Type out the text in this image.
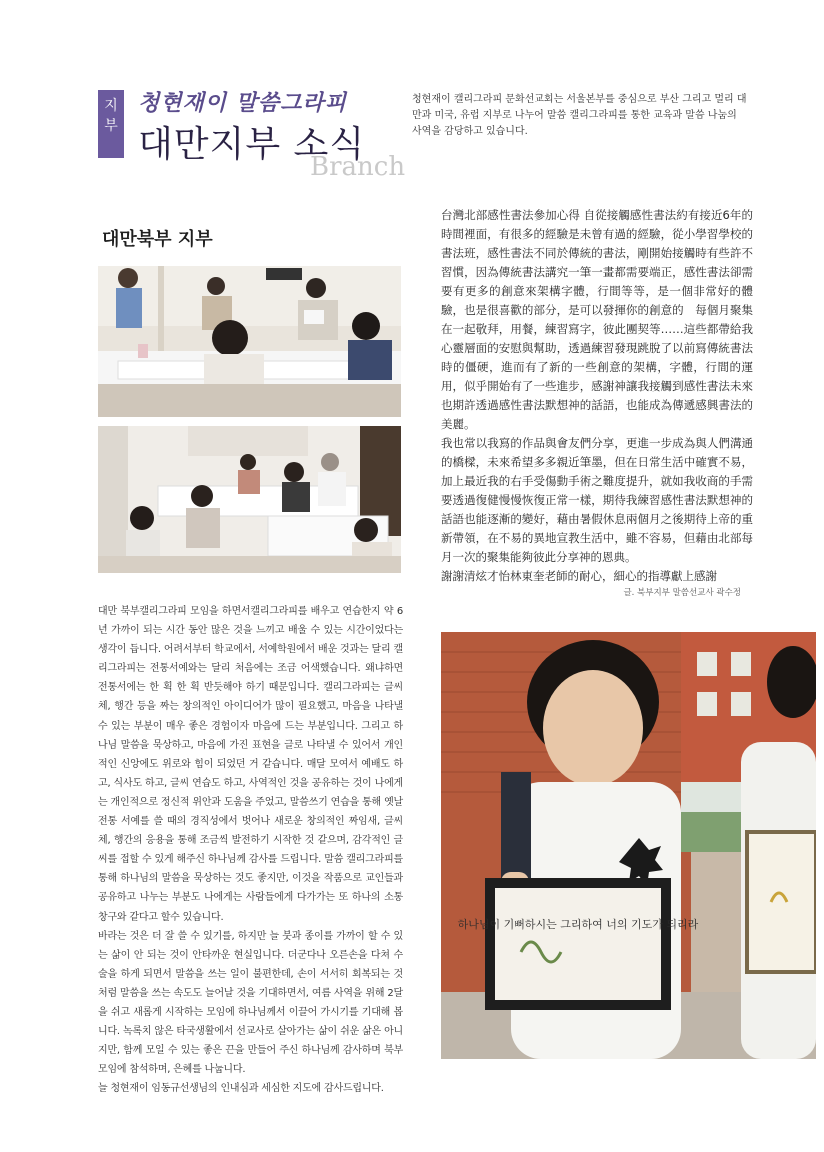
지
부
청현재이 말씀그라피
대만지부 소식
Branch
청현재이 캘리그라피 문화선교회는 서울본부를 중심으로 부산 그리고 멀리 대만과 미국, 유럽 지부로 나누어 말씀 캘리그라피를 통한 교육과 말씀 나눔의 사역을 감당하고 있습니다.
대만북부 지부

台灣北部感性書法參加心得 自從接觸感性書法約有接近6年的時間裡面，有很多的經驗是未曾有過的經驗，從小學習學校的書法班，感性書法不同於傳統的書法，剛開始接觸時有些許不習慣，因為傳統書法講究一筆一畫都需要端正，感性書法卻需要有更多的創意來架構字體，行間等等，是一個非常好的體驗，也是很喜歡的部分，是可以發揮你的創意的　每個月聚集在一起敬拜，用餐，練習寫字，彼此團契等……這些都帶給我心靈層面的安慰與幫助，透過練習發現跳脫了以前寫傳統書法時的僵硬，進而有了新的一些創意的架構，字體，行間的運用，似乎開始有了一些進步，感謝神讓我接觸到感性書法未來也期許透過感性書法默想神的話語，也能成為傳遞感興書法的美麗。

我也常以我寫的作品與會友們分享，更進一步成為與人們溝通的橋樑，未來希望多多親近筆墨，但在日常生活中確實不易，加上最近我的右手受傷動手術之難度提升，就如我收商的手需要透過復健慢慢恢復正常一樣，期待我練習感性書法默想神的話語也能逐漸的變好，藉由暑假休息兩個月之後期待上帝的重新帶領，在不易的異地宣教生活中，雖不容易，但藉由北部每月一次的聚集能夠彼此分享神的恩典。

謝謝清炫才怡林東奎老師的耐心，細心的指導獻上感謝

글. 북부지부 말씀선교사 곽수정

대만 북부캘리그라피 모임을 하면서캘리그라피를 배우고 연습한지 약 6년 가까이 되는 시간 동안 많은 것을 느끼고 배울 수 있는 시간이었다는 생각이 듭니다. 어려서부터 학교에서, 서예학원에서 배운 것과는 달리 캘리그라피는 전통서예와는 달리 처음에는 조금 어색했습니다. 왜냐하면 전통서에는 한 획 한 획 반듯해야 하기 때문입니다. 캘리그라피는 글씨체, 행간 등을 짜는 창의적인 아이디어가 많이 필요했고, 마음을 나타낼 수 있는 부분이 매우 좋은 경험이자 마음에 드는 부분입니다. 그리고 하나님 말씀을 묵상하고, 마음에 가진 표현을 글로 나타낼 수 있어서 개인적인 신앙에도 위로와 힘이 되었던 거 같습니다. 매달 모여서 예배도 하고, 식사도 하고, 글씨 연습도 하고, 사역적인 것을 공유하는 것이 나에게는 개인적으로 정신적 위안과 도움을 주었고, 말씀쓰기 연습을 통해 옛날 전통 서예를 쓸 때의 경직성에서 벗어나 새로운 창의적인 짜임새, 글씨체, 행간의 응용을 통해 조금씩 발전하기 시작한 것 같으며, 감각적인 글씨를 접할 수 있게 해주신 하나님께 감사를 드립니다. 말씀 캘리그라피를 통해 하나님의 말씀을 묵상하는 것도 좋지만, 이것을 작품으로 교인들과 공유하고 나누는 부분도 나에게는 사람들에게 다가가는 또 하나의 소통 창구와 같다고 할수 있습니다.

바라는 것은 더 잘 쓸 수 있기를, 하지만 늘 붓과 종이를 가까이 할 수 있는 삶이 안 되는 것이 안타까운 현실입니다. 더군다나 오른손을 다쳐 수술을 하게 되면서 말씀을 쓰는 일이 불편한데, 손이 서서히 회복되는 것처럼 말씀을 쓰는 속도도 늘어날 것을 기대하면서, 여름 사역을 위해 2달을 쉬고 새롭게 시작하는 모임에 하나님께서 이끌어 가시기를 기대해 봅니다. 녹록치 않은 타국생활에서 선교사로 살아가는 삶이 쉬운 삶은 아니지만, 함께 모일 수 있는 좋은 끈을 만들어 주신 하나님께 감사하며 북부모임에 참석하며, 은혜를 나눕니다.

늘 청현재이 임동규선생님의 인내심과 세심한 지도에 감사드립니다.

하나님이 기뻐하시는 그리하여 너의 기도가 되리라
